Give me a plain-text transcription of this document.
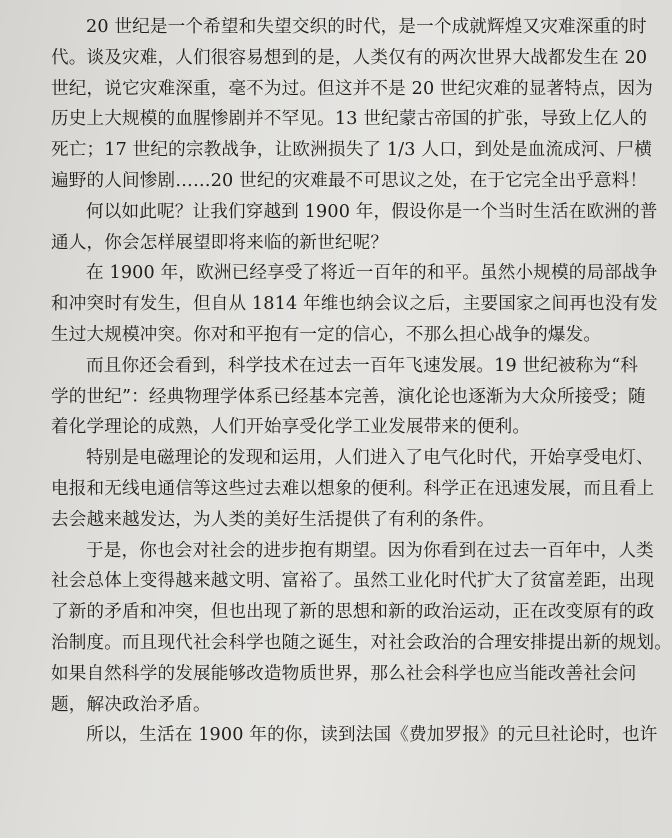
20 世纪是一个希望和失望交织的时代，是一个成就辉煌又灾难深重的时
代。谈及灾难，人们很容易想到的是，人类仅有的两次世界大战都发生在 20
世纪，说它灾难深重，毫不为过。但这并不是 20 世纪灾难的显著特点，因为
历史上大规模的血腥惨剧并不罕见。13 世纪蒙古帝国的扩张，导致上亿人的
死亡；17 世纪的宗教战争，让欧洲损失了 1/3 人口，到处是血流成河、尸横
遍野的人间惨剧……20 世纪的灾难最不可思议之处，在于它完全出乎意料！
何以如此呢？让我们穿越到 1900 年，假设你是一个当时生活在欧洲的普
通人，你会怎样展望即将来临的新世纪呢？
在 1900 年，欧洲已经享受了将近一百年的和平。虽然小规模的局部战争
和冲突时有发生，但自从 1814 年维也纳会议之后，主要国家之间再也没有发
生过大规模冲突。你对和平抱有一定的信心，不那么担心战争的爆发。
而且你还会看到，科学技术在过去一百年飞速发展。19 世纪被称为“科
学的世纪”：经典物理学体系已经基本完善，演化论也逐渐为大众所接受；随
着化学理论的成熟，人们开始享受化学工业发展带来的便利。
特别是电磁理论的发现和运用，人们进入了电气化时代，开始享受电灯、
电报和无线电通信等这些过去难以想象的便利。科学正在迅速发展，而且看上
去会越来越发达，为人类的美好生活提供了有利的条件。
于是，你也会对社会的进步抱有期望。因为你看到在过去一百年中，人类
社会总体上变得越来越文明、富裕了。虽然工业化时代扩大了贫富差距，出现
了新的矛盾和冲突，但也出现了新的思想和新的政治运动，正在改变原有的政
治制度。而且现代社会科学也随之诞生，对社会政治的合理安排提出新的规划。
如果自然科学的发展能够改造物质世界，那么社会科学也应当能改善社会问
题，解决政治矛盾。
所以，生活在 1900 年的你，读到法国《费加罗报》的元旦社论时，也许
